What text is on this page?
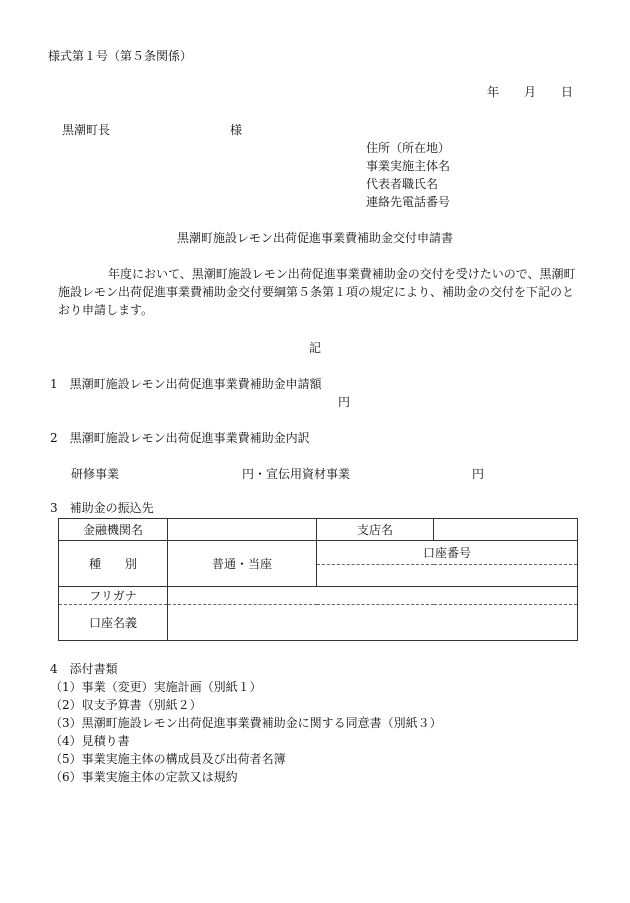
様式第１号（第５条関係）
年 月 日
黒潮町長	様
住所（所在地）
事業実施主体名
代表者職氏名
連絡先電話番号
黒潮町施設レモン出荷促進事業費補助金交付申請書
年度において、黒潮町施設レモン出荷促進事業費補助金の交付を受けたいので、黒潮町
施設レモン出荷促進事業費補助金交付要綱第５条第１項の規定により、補助金の交付を下記のと
おり申請します。
記
1　黒潮町施設レモン出荷促進事業費補助金申請額
円
2　黒潮町施設レモン出荷促進事業費補助金内訳
研修事業	円・宣伝用資材事業	円
3　補助金の振込先
金融機関名		支店名	
種　　別	普通・当座	口座番号	

フリガナ			
口座名義			
4　添付書類
（1）事業（変更）実施計画（別紙１）
（2）収支予算書（別紙２）
（3）黒潮町施設レモン出荷促進事業費補助金に関する同意書（別紙３）
（4）見積り書
（5）事業実施主体の構成員及び出荷者名簿
（6）事業実施主体の定款又は規約
